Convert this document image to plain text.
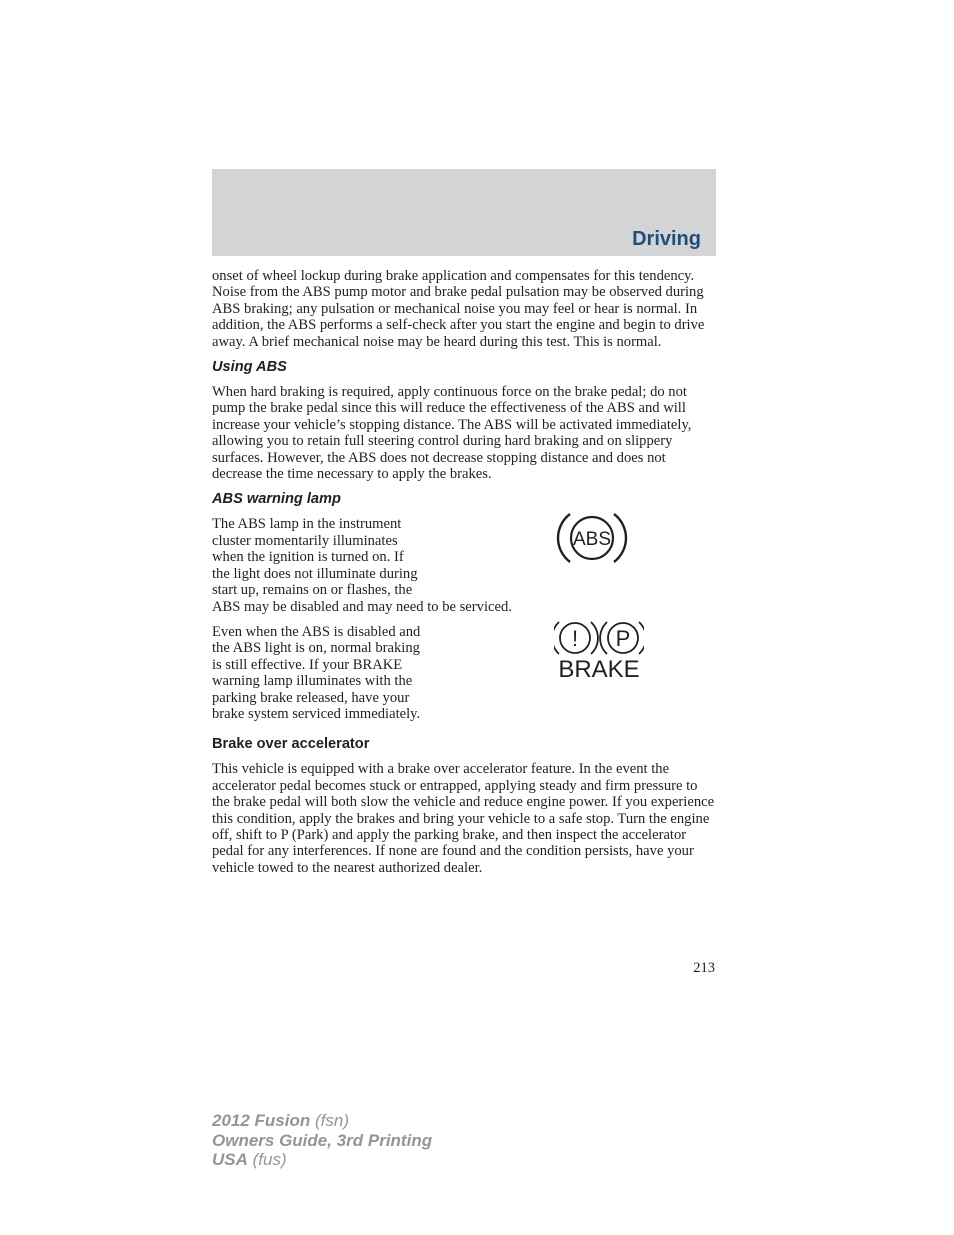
Driving

onset of wheel lockup during brake application and compensates for this tendency. Noise from the ABS pump motor and brake pedal pulsation may be observed during ABS braking; any pulsation or mechanical noise you may feel or hear is normal. In addition, the ABS performs a self-check after you start the engine and begin to drive away. A brief mechanical noise may be heard during this test. This is normal.

Using ABS

When hard braking is required, apply continuous force on the brake pedal; do not pump the brake pedal since this will reduce the effectiveness of the ABS and will increase your vehicle’s stopping distance. The ABS will be activated immediately, allowing you to retain full steering control during hard braking and on slippery surfaces. However, the ABS does not decrease stopping distance and does not decrease the time necessary to apply the brakes.

ABS warning lamp
ABS

The ABS lamp in the instrument
cluster momentarily illuminates
when the ignition is turned on. If
the light does not illuminate during
start up, remains on or flashes, the
ABS may be disabled and may need to be serviced.

! P
BRAKE

Even when the ABS is disabled and
the ABS light is on, normal braking
is still effective. If your BRAKE
warning lamp illuminates with the
parking brake released, have your
brake system serviced immediately.

Brake over accelerator

This vehicle is equipped with a brake over accelerator feature. In the event the accelerator pedal becomes stuck or entrapped, applying steady and firm pressure to the brake pedal will both slow the vehicle and reduce engine power. If you experience this condition, apply the brakes and bring your vehicle to a safe stop. Turn the engine off, shift to P (Park) and apply the parking brake, and then inspect the accelerator pedal for any interferences. If none are found and the condition persists, have your vehicle towed to the nearest authorized dealer.

213
2012 Fusion (fsn)
Owners Guide, 3rd Printing
USA (fus)
